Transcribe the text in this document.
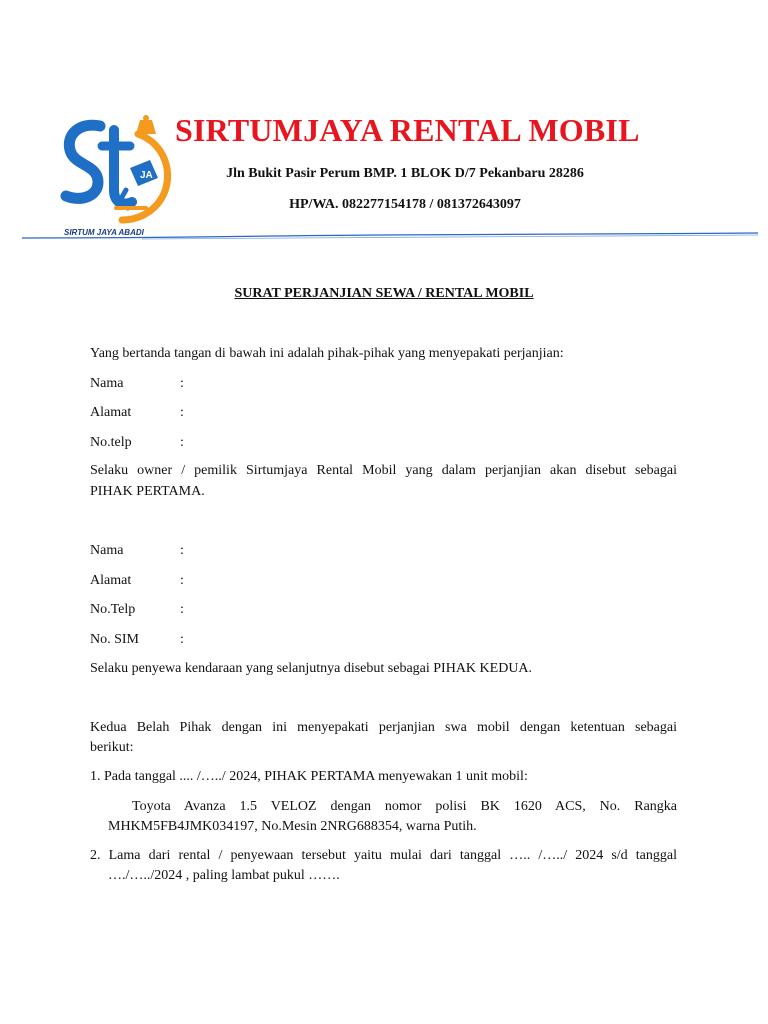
JA
SIRTUM JAYA ABADI
SIRTUMJAYA RENTAL MOBIL
Jln Bukit Pasir Perum BMP. 1 BLOK D/7 Pekanbaru 28286
HP/WA. 082277154178 / 081372643097
SURAT PERJANJIAN SEWA / RENTAL MOBIL
Yang bertanda tangan di bawah ini adalah pihak-pihak yang menyepakati perjanjian:
Nama	:
Alamat	:
No.telp	:
Selaku owner / pemilik Sirtumjaya Rental Mobil yang dalam perjanjian akan disebut sebagai
PIHAK PERTAMA.
Nama	:
Alamat	:
No.Telp	:
No. SIM	:
Selaku penyewa kendaraan yang selanjutnya disebut sebagai PIHAK KEDUA.
Kedua Belah Pihak dengan ini menyepakati perjanjian swa mobil dengan ketentuan sebagai
berikut:
1. Pada tanggal .... /…../ 2024, PIHAK PERTAMA menyewakan 1 unit mobil:
Toyota Avanza 1.5 VELOZ dengan nomor polisi BK 1620 ACS, No. Rangka
MHKM5FB4JMK034197, No.Mesin 2NRG688354, warna Putih.
2. Lama dari rental / penyewaan tersebut yaitu mulai dari tanggal ….. /…../ 2024 s/d tanggal
…./…../2024 , paling lambat pukul …….
